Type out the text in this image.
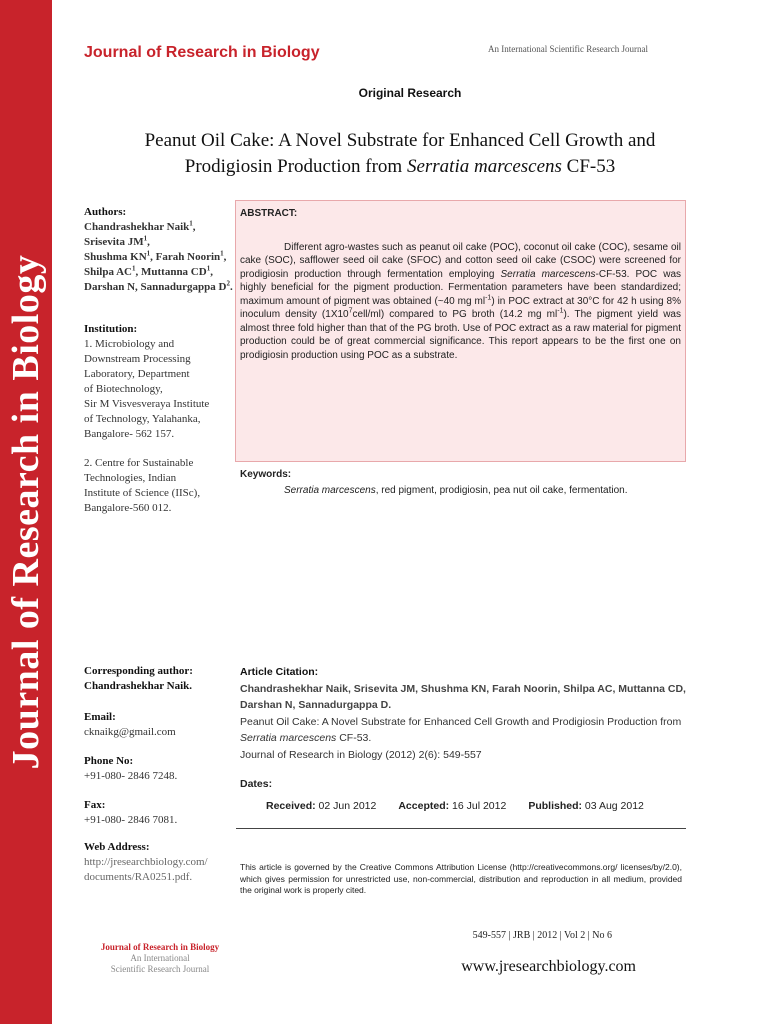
Journal of Research in Biology
Journal of Research in Biology	An International Scientific Research Journal
Original Research
Peanut Oil Cake: A Novel Substrate for Enhanced Cell Growth and Prodigiosin Production from Serratia marcescens CF-53
Authors:
Chandrashekhar Naik$^1$,
Srisevita $JM^1$,
Shushma $KN^1$, Farah Noorin$^1$, Shilpa $AC^1$, Muttanna $CD^1$, Darshan N, Sannadurgappa $D^2$.
Institution:
1. Microbiology and
Downstream Processing
Laboratory, Department
of Biotechnology,
Sir M Visvesveraya Institute
of Technology, Yalahanka,
Bangalore- 562 157.
2. Centre for Sustainable
Technologies, Indian
Institute of Science (IISc),
Bangalore-560 012.
ABSTRACT:
Different agro-wastes such as peanut oil cake (POC), coconut oil cake (COC), sesame oil cake (SOC), safflower seed oil cake (SFOC) and cotton seed oil cake (CSOC) were screened for prodigiosin production through fermentation employing Serratia marcescens-CF-53. POC was highly beneficial for the pigment production. Fermentation parameters have been standardized; maximum amount of pigment was obtained (~40 mg $ml^{-1}$) in POC extract at 30°C for 42 h using 8% inoculum density $(1X10^7cell/ml)$ compared to PG broth (14.2 mg $ml^{-1}$). The pigment yield was almost three fold higher than that of the PG broth. Use of POC extract as a raw material for pigment production could be of great commercial significance. This report appears to be the first one on prodigiosin production using POC as a substrate.
Keywords:
Serratia marcescens, red pigment, prodigiosin, pea nut oil cake, fermentation.
Corresponding author:
Chandrashekhar Naik.
Email:
cknaikg@gmail.com
Phone No:
+91-080- 2846 7248.
Fax:
+91-080- 2846 7081.
Web Address:
http://jresearchbiology.com/
documents/RA0251.pdf.
Article Citation:
Chandrashekhar Naik, Srisevita JM, Shushma KN, Farah Noorin, Shilpa AC, Muttanna CD, Darshan N, Sannadurgappa D.
Peanut Oil Cake: A Novel Substrate for Enhanced Cell Growth and Prodigiosin Production from Serratia marcescens CF-53.
Journal of Research in Biology (2012) 2(6): 549-557
Dates:
Received: 02 Jun 2012 Accepted: 16 Jul 2012 Published: 03 Aug 2012
This article is governed by the Creative Commons Attribution License (http://creativecommons.org/ licenses/by/2.0), which gives permission for unrestricted use, non-commercial, distribution and reproduction in all medium, provided the original work is properly cited.
Journal of Research in Biology
An International
Scientific Research Journal
549-557 | JRB | 2012 | Vol 2 | No 6
www.jresearchbiology.com
